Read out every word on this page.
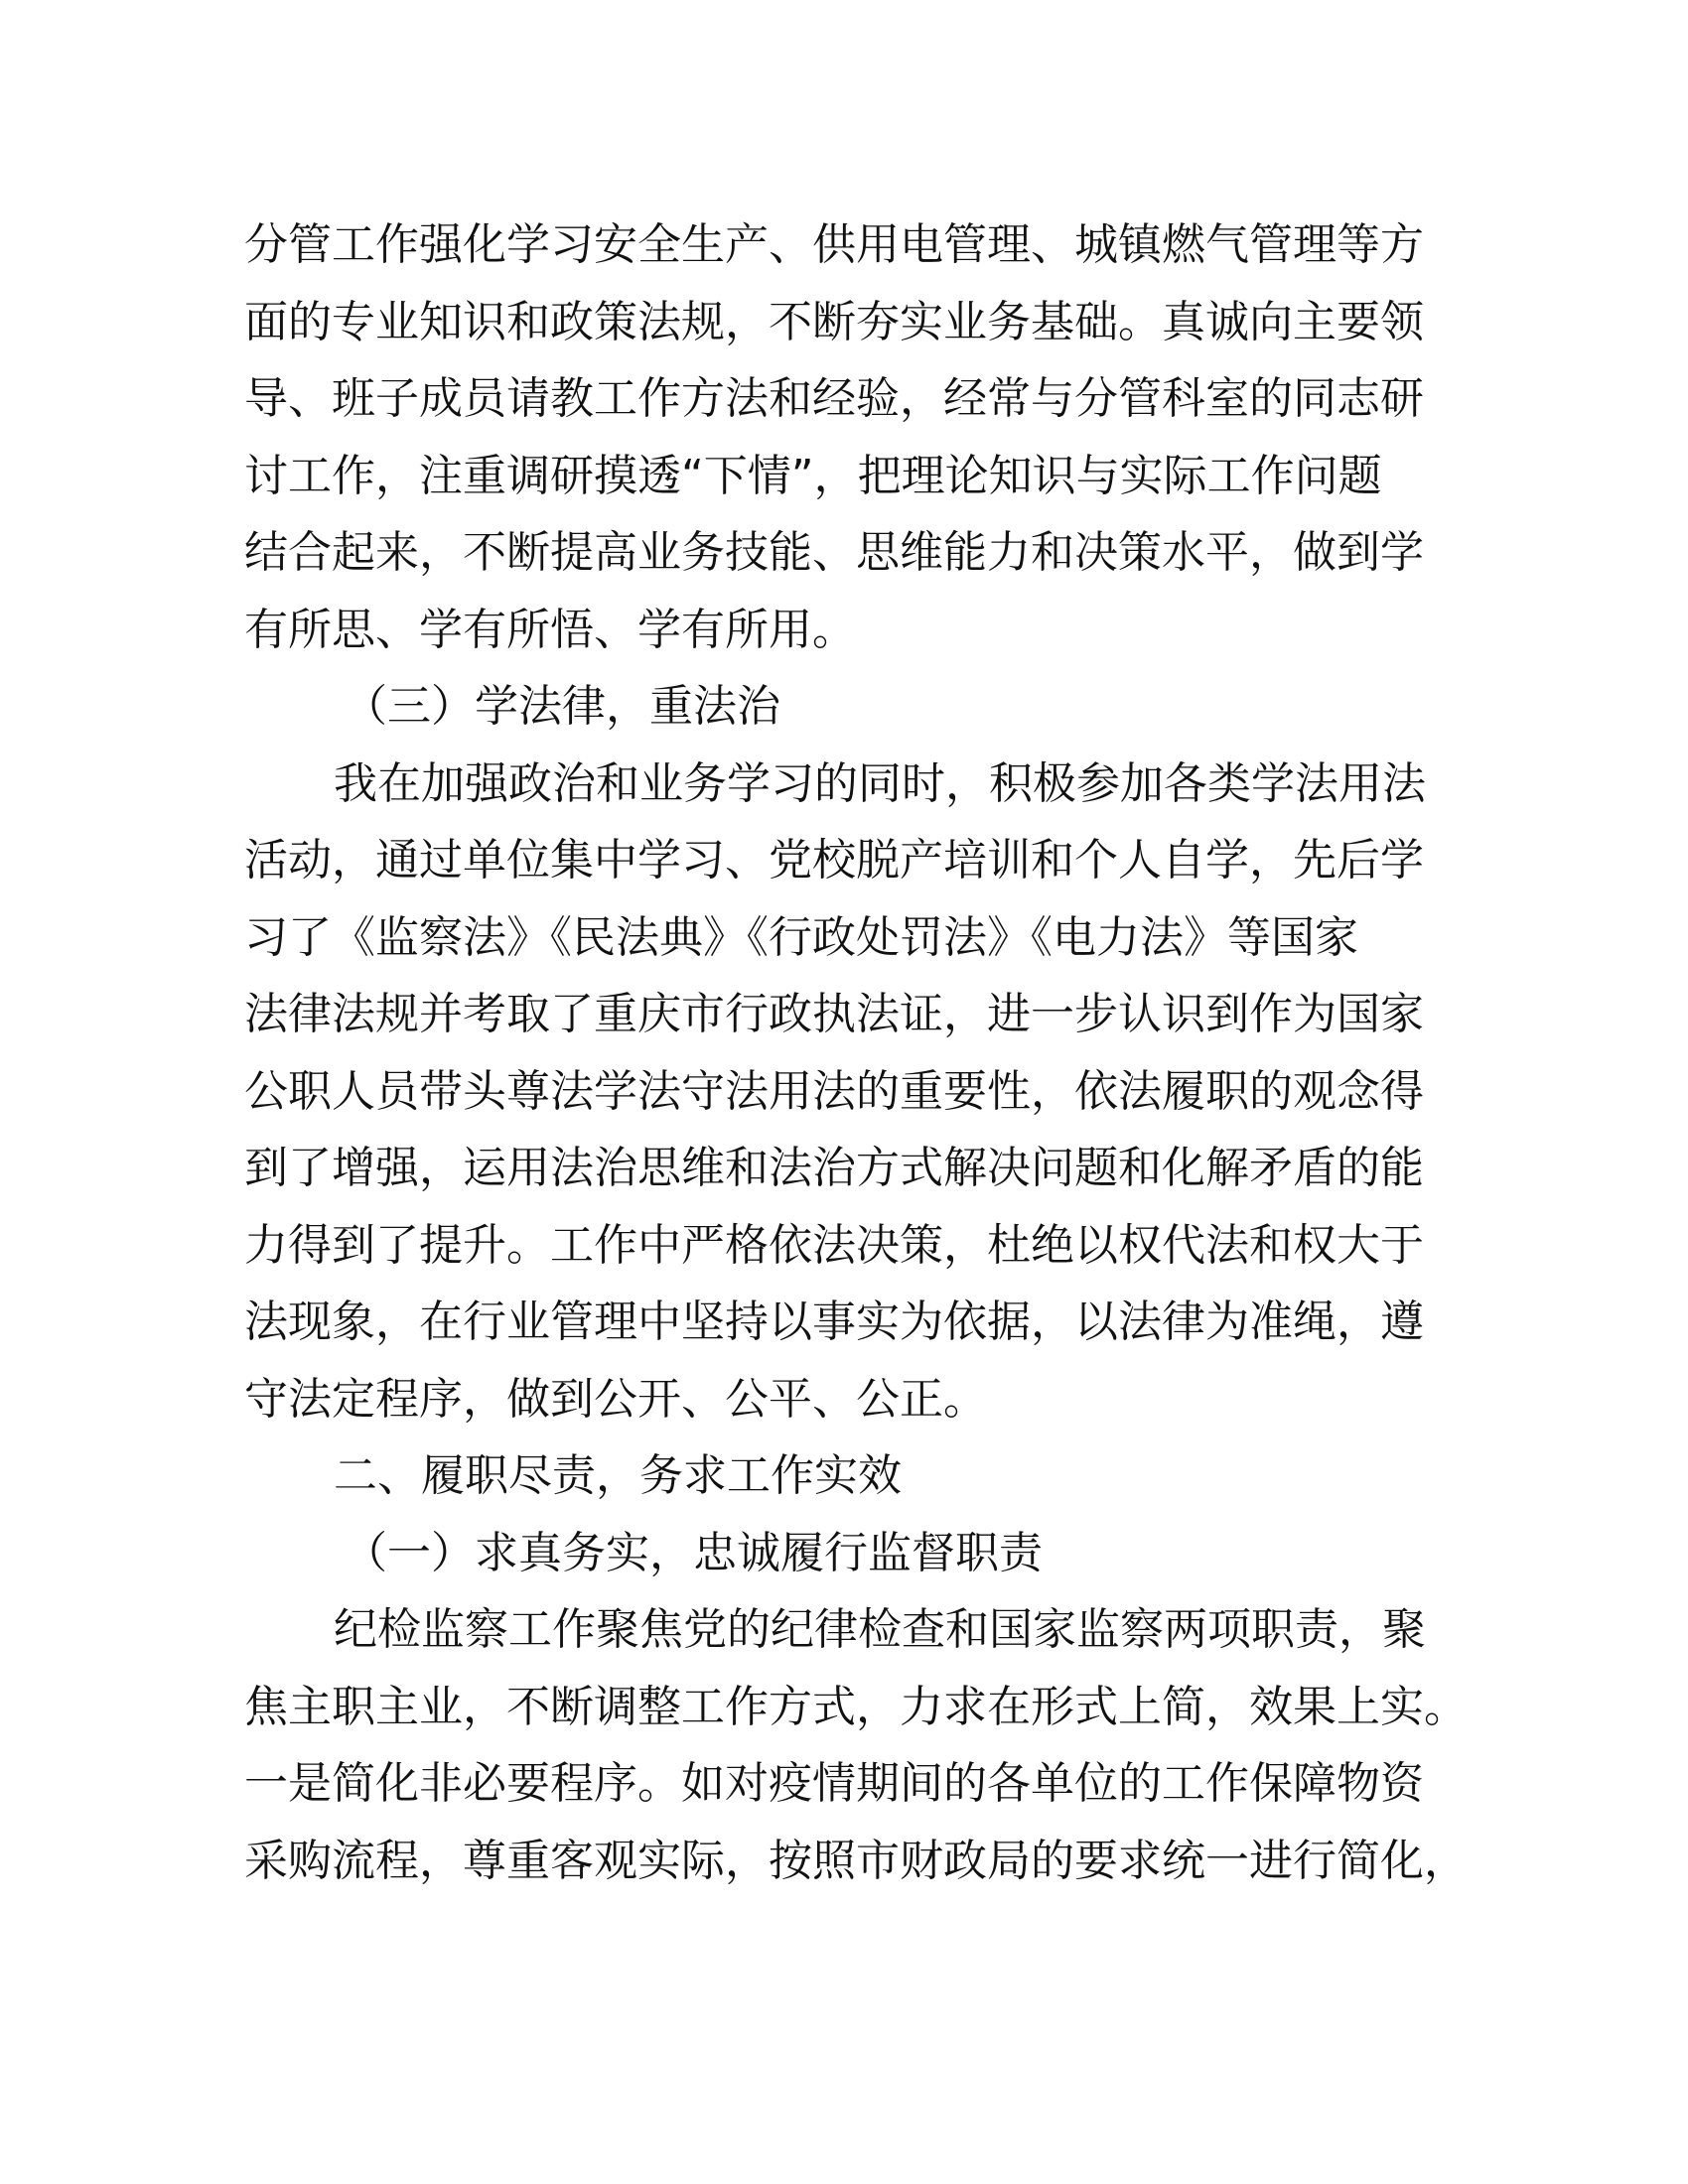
分管工作强化学习安全生产、供用电管理、城镇燃气管理等方
面的专业知识和政策法规，不断夯实业务基础。真诚向主要领
导、班子成员请教工作方法和经验，经常与分管科室的同志研
讨工作，注重调研摸透“下情”，把理论知识与实际工作问题
结合起来，不断提高业务技能、思维能力和决策水平，做到学
有所思、学有所悟、学有所用。
（三）学法律，重法治
我在加强政治和业务学习的同时，积极参加各类学法用法
活动，通过单位集中学习、党校脱产培训和个人自学，先后学
习了《监察法》《民法典》《行政处罚法》《电力法》等国家
法律法规并考取了重庆市行政执法证，进一步认识到作为国家
公职人员带头尊法学法守法用法的重要性，依法履职的观念得
到了增强，运用法治思维和法治方式解决问题和化解矛盾的能
力得到了提升。工作中严格依法决策，杜绝以权代法和权大于
法现象，在行业管理中坚持以事实为依据，以法律为准绳，遵
守法定程序，做到公开、公平、公正。
二、履职尽责，务求工作实效
（一）求真务实，忠诚履行监督职责
纪检监察工作聚焦党的纪律检查和国家监察两项职责，聚
焦主职主业，不断调整工作方式，力求在形式上简，效果上实。
一是简化非必要程序。如对疫情期间的各单位的工作保障物资
采购流程，尊重客观实际，按照市财政局的要求统一进行简化，
